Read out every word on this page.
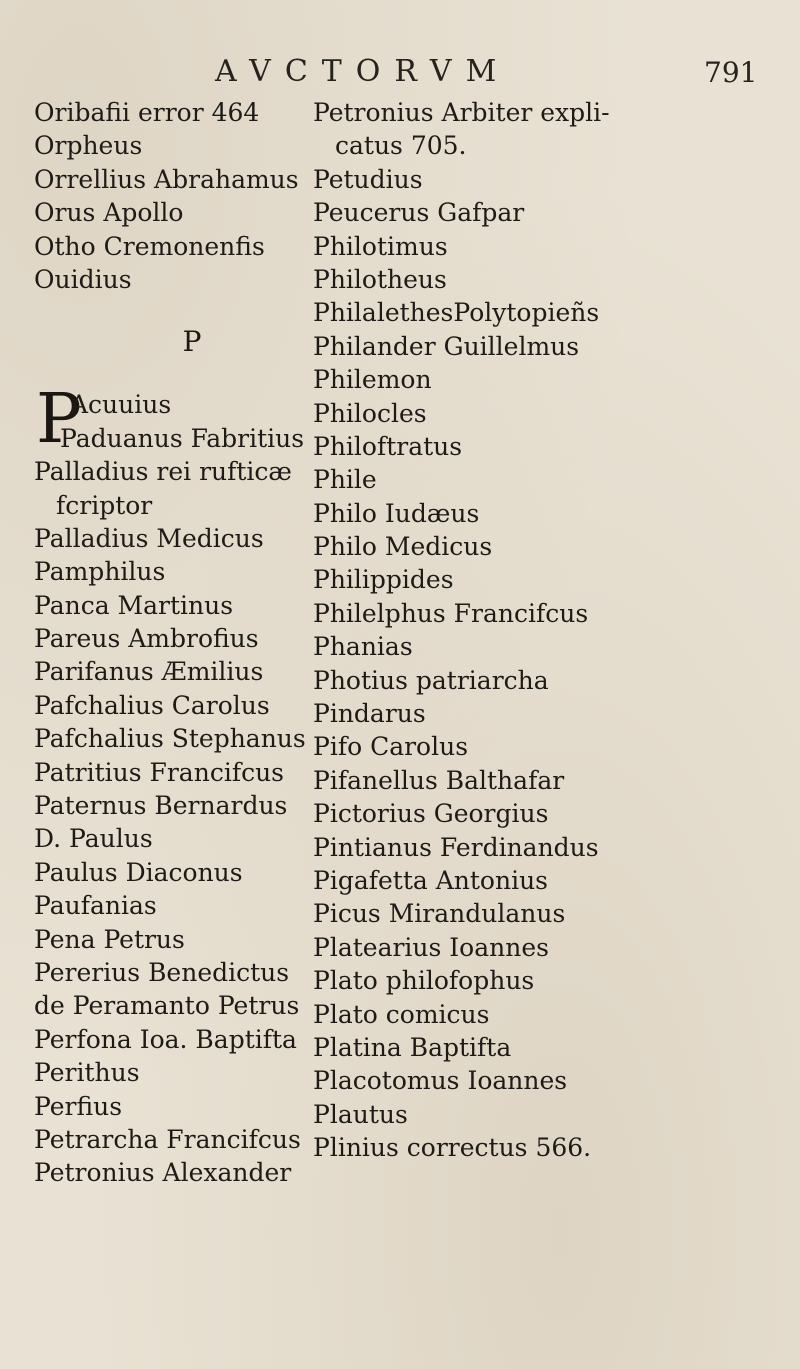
AVCTORVM	791
Oribafii error 464
Orpheus
Orrellius Abrahamus
Orus Apollo
Otho Cremonenfis
Ouidius
P
P
Acuuius
Paduanus Fabritius
Palladius rei rufticæ
fcriptor
Palladius Medicus
Pamphilus
Panca Martinus
Pareus Ambrofius
Parifanus Æmilius
Pafchalius Carolus
Pafchalius Stephanus
Patritius Francifcus
Paternus Bernardus
D. Paulus
Paulus Diaconus
Paufanias
Pena Petrus
Pererius Benedictus
de Peramanto Petrus
Perfona Ioa. Baptifta
Perithus
Perfius
Petrarcha Francifcus
Petronius Alexander
Petronius Arbiter expli-
catus 705.
Petudius
Peucerus Gafpar
Philotimus
Philotheus
PhilalethesPolytopieñs
Philander Guillelmus
Philemon
Philocles
Philoftratus
Phile
Philo Iudæus
Philo Medicus
Philippides
Philelphus Francifcus
Phanias
Photius patriarcha
Pindarus
Pifo Carolus
Pifanellus Balthafar
Pictorius Georgius
Pintianus Ferdinandus
Pigafetta Antonius
Picus Mirandulanus
Platearius Ioannes
Plato philofophus
Plato comicus
Platina Baptifta
Placotomus Ioannes
Plautus
Plinius correctus 566.
